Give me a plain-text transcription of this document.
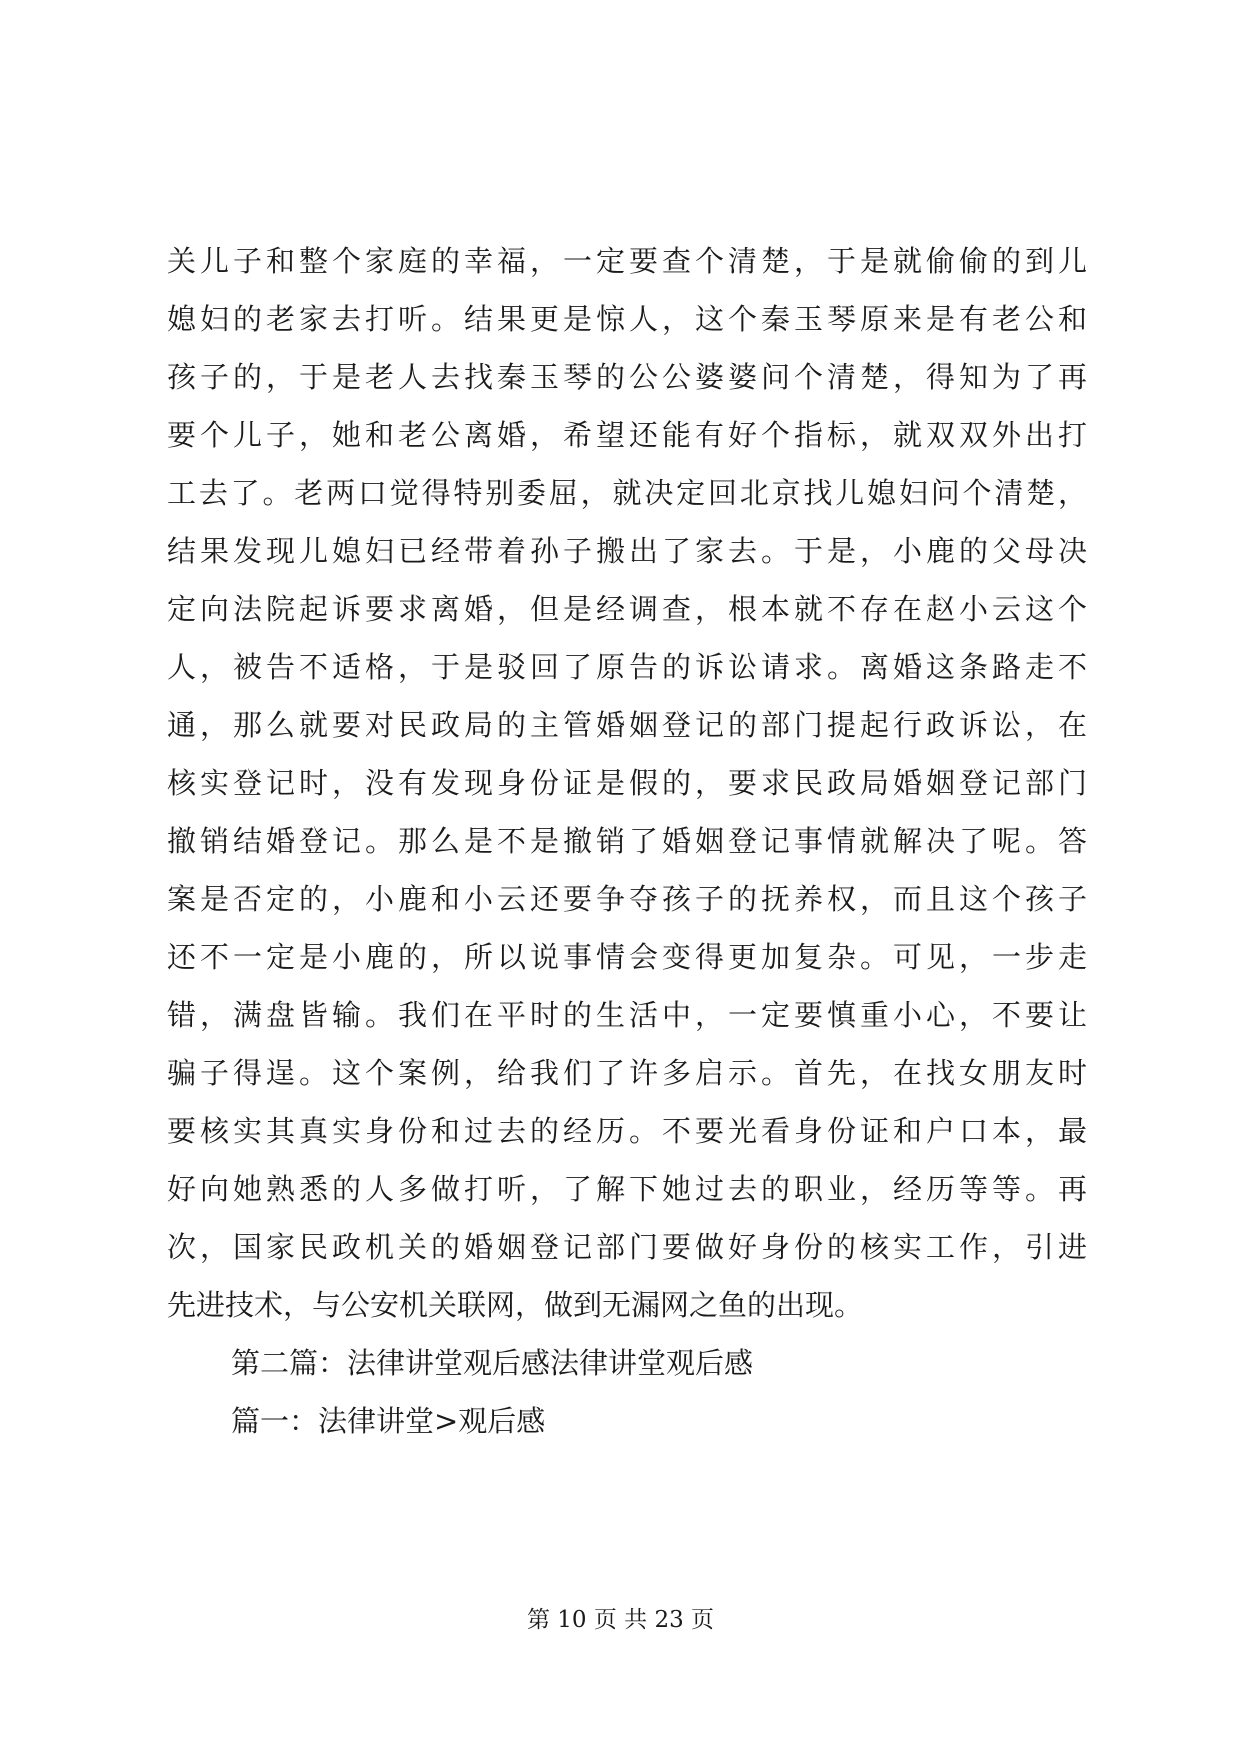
关儿子和整个家庭的幸福，一定要查个清楚，于是就偷偷的到儿
媳妇的老家去打听。结果更是惊人，这个秦玉琴原来是有老公和
孩子的，于是老人去找秦玉琴的公公婆婆问个清楚，得知为了再
要个儿子，她和老公离婚，希望还能有好个指标，就双双外出打
工去了。老两口觉得特别委屈，就决定回北京找儿媳妇问个清楚，
结果发现儿媳妇已经带着孙子搬出了家去。于是，小鹿的父母决
定向法院起诉要求离婚，但是经调查，根本就不存在赵小云这个
人，被告不适格，于是驳回了原告的诉讼请求。离婚这条路走不
通，那么就要对民政局的主管婚姻登记的部门提起行政诉讼，在
核实登记时，没有发现身份证是假的，要求民政局婚姻登记部门
撤销结婚登记。那么是不是撤销了婚姻登记事情就解决了呢。答
案是否定的，小鹿和小云还要争夺孩子的抚养权，而且这个孩子
还不一定是小鹿的，所以说事情会变得更加复杂。可见，一步走
错，满盘皆输。我们在平时的生活中，一定要慎重小心，不要让
骗子得逞。这个案例，给我们了许多启示。首先，在找女朋友时
要核实其真实身份和过去的经历。不要光看身份证和户口本，最
好向她熟悉的人多做打听，了解下她过去的职业，经历等等。再
次，国家民政机关的婚姻登记部门要做好身份的核实工作，引进
先进技术，与公安机关联网，做到无漏网之鱼的出现。
第二篇：法律讲堂观后感法律讲堂观后感
篇一：法律讲堂>观后感
第 10 页 共 23 页
